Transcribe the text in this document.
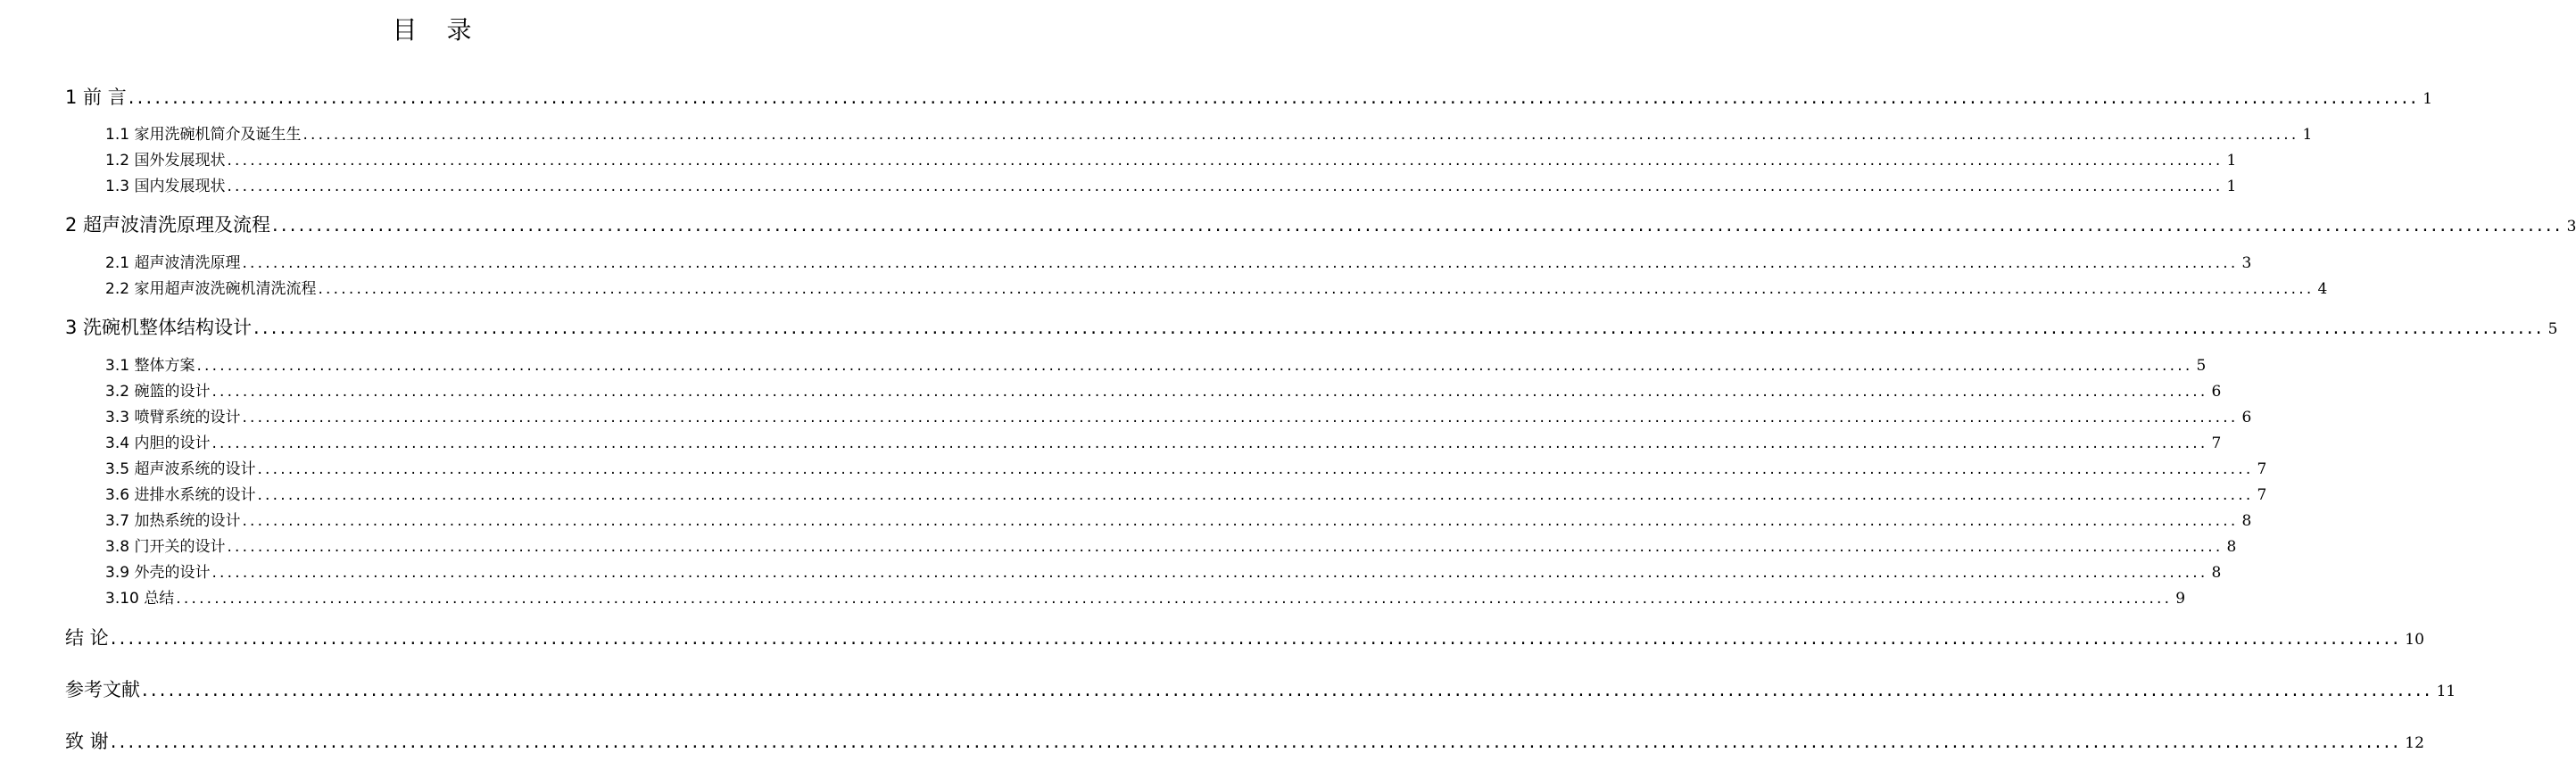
目 录
1 前 言 .................................................................................................................................................................................................................................................................... 1
1.1 家用洗碗机简介及诞生生 .................................................................................................................................................................................................................................................................... 1
1.2 国外发展现状 .................................................................................................................................................................................................................................................................... 1
1.3 国内发展现状 .................................................................................................................................................................................................................................................................... 1
2 超声波清洗原理及流程 .................................................................................................................................................................................................................................................................... 3
2.1 超声波清洗原理 .................................................................................................................................................................................................................................................................... 3
2.2 家用超声波洗碗机清洗流程 .................................................................................................................................................................................................................................................................... 4
3 洗碗机整体结构设计 .................................................................................................................................................................................................................................................................... 5
3.1 整体方案 .................................................................................................................................................................................................................................................................... 5
3.2 碗篮的设计 .................................................................................................................................................................................................................................................................... 6
3.3 喷臂系统的设计 .................................................................................................................................................................................................................................................................... 6
3.4 内胆的设计 .................................................................................................................................................................................................................................................................... 7
3.5 超声波系统的设计 .................................................................................................................................................................................................................................................................... 7
3.6 进排水系统的设计 .................................................................................................................................................................................................................................................................... 7
3.7 加热系统的设计 .................................................................................................................................................................................................................................................................... 8
3.8 门开关的设计 .................................................................................................................................................................................................................................................................... 8
3.9 外壳的设计 .................................................................................................................................................................................................................................................................... 8
3.10 总结 .................................................................................................................................................................................................................................................................... 9
结 论 .................................................................................................................................................................................................................................................................... 10
参考文献 .................................................................................................................................................................................................................................................................... 11
致 谢 .................................................................................................................................................................................................................................................................... 12
